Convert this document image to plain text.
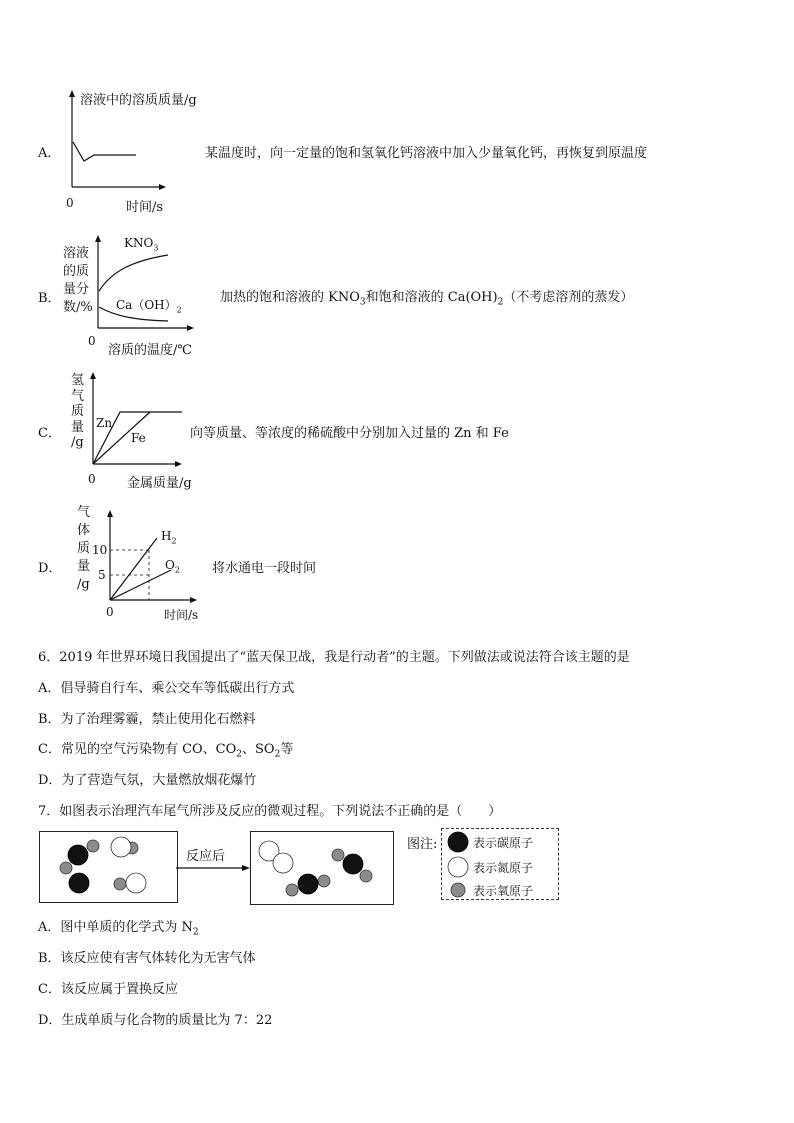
A．
溶液中的溶质质量/g
0	时间/s
某温度时，向一定量的饱和氢氧化钙溶液中加入少量氧化钙，再恢复到原温度
B．
溶液
的质
量分
数/%
$KNO_3$
$Ca(OH)_2$
0
溶质的温度/℃
加热的饱和溶液的 $KNO_3$和饱和溶液的 $Ca(OH)_2$（不考虑溶剂的蒸发）
C．
氢
气
质
量
/g
Zn
Fe
0 金属质量/g
向等质量、等浓度的稀硫酸中分别加入过量的 Zn 和 Fe
D．
气
体
质
量
/g
10
5
$H_2$
$O_2$
0	时间/s
将水通电一段时间
6．2019 年世界环境日我国提出了“蓝天保卫战，我是行动者”的主题。下列做法或说法符合该主题的是
A．倡导骑自行车、乘公交车等低碳出行方式
B．为了治理雾霾，禁止使用化石燃料
C．常见的空气污染物有 CO、$CO_2$、$SO_2$等
D．为了营造气氛，大量燃放烟花爆竹
7．如图表示治理汽车尾气所涉及反应的微观过程。下列说法不正确的是（　　）
反应后
图注:	表示碳原子
表示氮原子
表示氧原子
A．图中单质的化学式为 $N_2$
B．该反应使有害气体转化为无害气体
C．该反应属于置换反应
D．生成单质与化合物的质量比为 7：22
